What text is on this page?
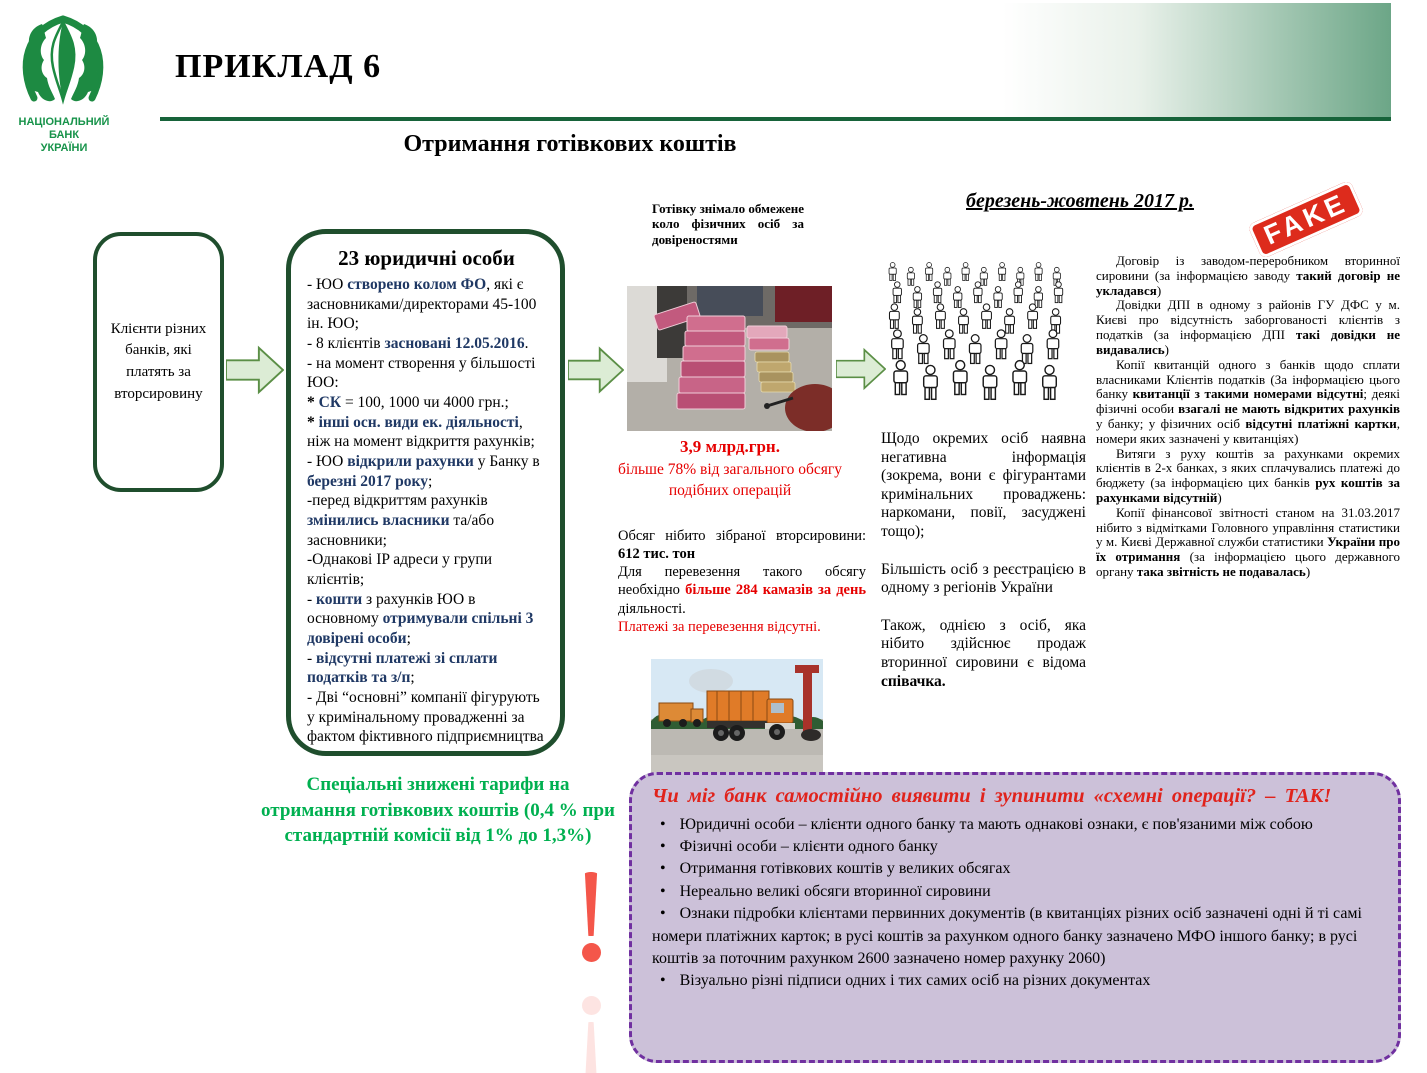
НАЦІОНАЛЬНИЙ
БАНК
УКРАЇНИ
ПРИКЛАД 6
Отримання готівкових коштів
Клієнти різних банків, які платять за вторсировину
23 юридичні особи
- ЮО створено колом ФО, які є засновниками/директорами 45-100 ін. ЮО;
- 8 клієнтів засновані 12.05.2016.
- на момент створення у більшості ЮО:
* СК = 100, 1000 чи 4000 грн.;
* інші осн. види ек. діяльності, ніж на момент відкриття рахунків;
- ЮО відкрили рахунки у Банку в березні 2017 року;
-перед відкриттям рахунків змінились власники та/або засновники;
-Однакові IP адреси у групи клієнтів;
- кошти з рахунків ЮО в основному отримували спільні 3 довірені особи;
- відсутні платежі зі сплати податків та з/п;
- Дві “основні” компанії фігурують у кримінальному провадженні за фактом фіктивного підприємництва
Готівку знімало обмежене коло фізичних осіб за довіреностями
3,9 млрд.грн.
більше 78% від загального обсягу подібних операцій
Обсяг нібито зібраної вторсировини: 612 тис. тон
Для перевезення такого обсягу необхідно більше 284 камазів за день діяльності.
Платежі за перевезення відсутні.
Щодо окремих осіб наявна негативна інформація (зокрема, вони є фігурантами кримінальних проваджень: наркомани, повії, засуджені тощо);
Більшість осіб з реєстрацією в одному з регіонів України
Також, однією з осіб, яка нібито здійснює продаж вторинної сировини є відома співачка.
березень-жовтень 2017 р.	FAKE
Договір із заводом-переробником вторинної сировини (за інформацією заводу такий договір не укладався)
Довідки ДПІ в одному з районів ГУ ДФС у м. Києві про відсутність заборгованості клієнтів з податків (за інформацією ДПІ такі довідки не видавались)
Копії квитанцій одного з банків щодо сплати власниками Клієнтів податків (За інформацією цього банку квитанції з такими номерами відсутні; деякі фізичні особи взагалі не мають відкритих рахунків у банку; у фізичних осіб відсутні платіжні картки, номери яких зазначені у квитанціях)
Витяги з руху коштів за рахунками окремих клієнтів в 2-х банках, з яких сплачувались платежі до бюджету (за інформацією цих банків рух коштів за рахунками відсутній)
Копії фінансової звітності станом на 31.03.2017 нібито з відмітками Головного управління статистики у м. Києві Державної служби статистики України про їх отримання (за інформацією цього державного органу така звітність не подавалась)
Спеціальні знижені тарифи на отримання готівкових коштів (0,4 % при стандартній комісії від 1% до 1,3%)
Чи міг банк самостійно виявити і зупинити «схемні операції? – ТАК!
• Юридичні особи – клієнти одного банку та мають однакові ознаки, є пов'язаними між собою
• Фізичні особи – клієнти одного банку
• Отримання готівкових коштів у великих обсягах
• Нереально великі обсяги вторинної сировини
• Ознаки підробки клієнтами первинних документів (в квитанціях різних осіб зазначені одні й ті самі номери платіжних карток; в русі коштів за рахунком одного банку зазначено МФО іншого банку; в русі коштів за поточним рахунком 2600 зазначено номер рахунку 2060)
• Візуально різні підписи одних і тих самих осіб на різних документах
